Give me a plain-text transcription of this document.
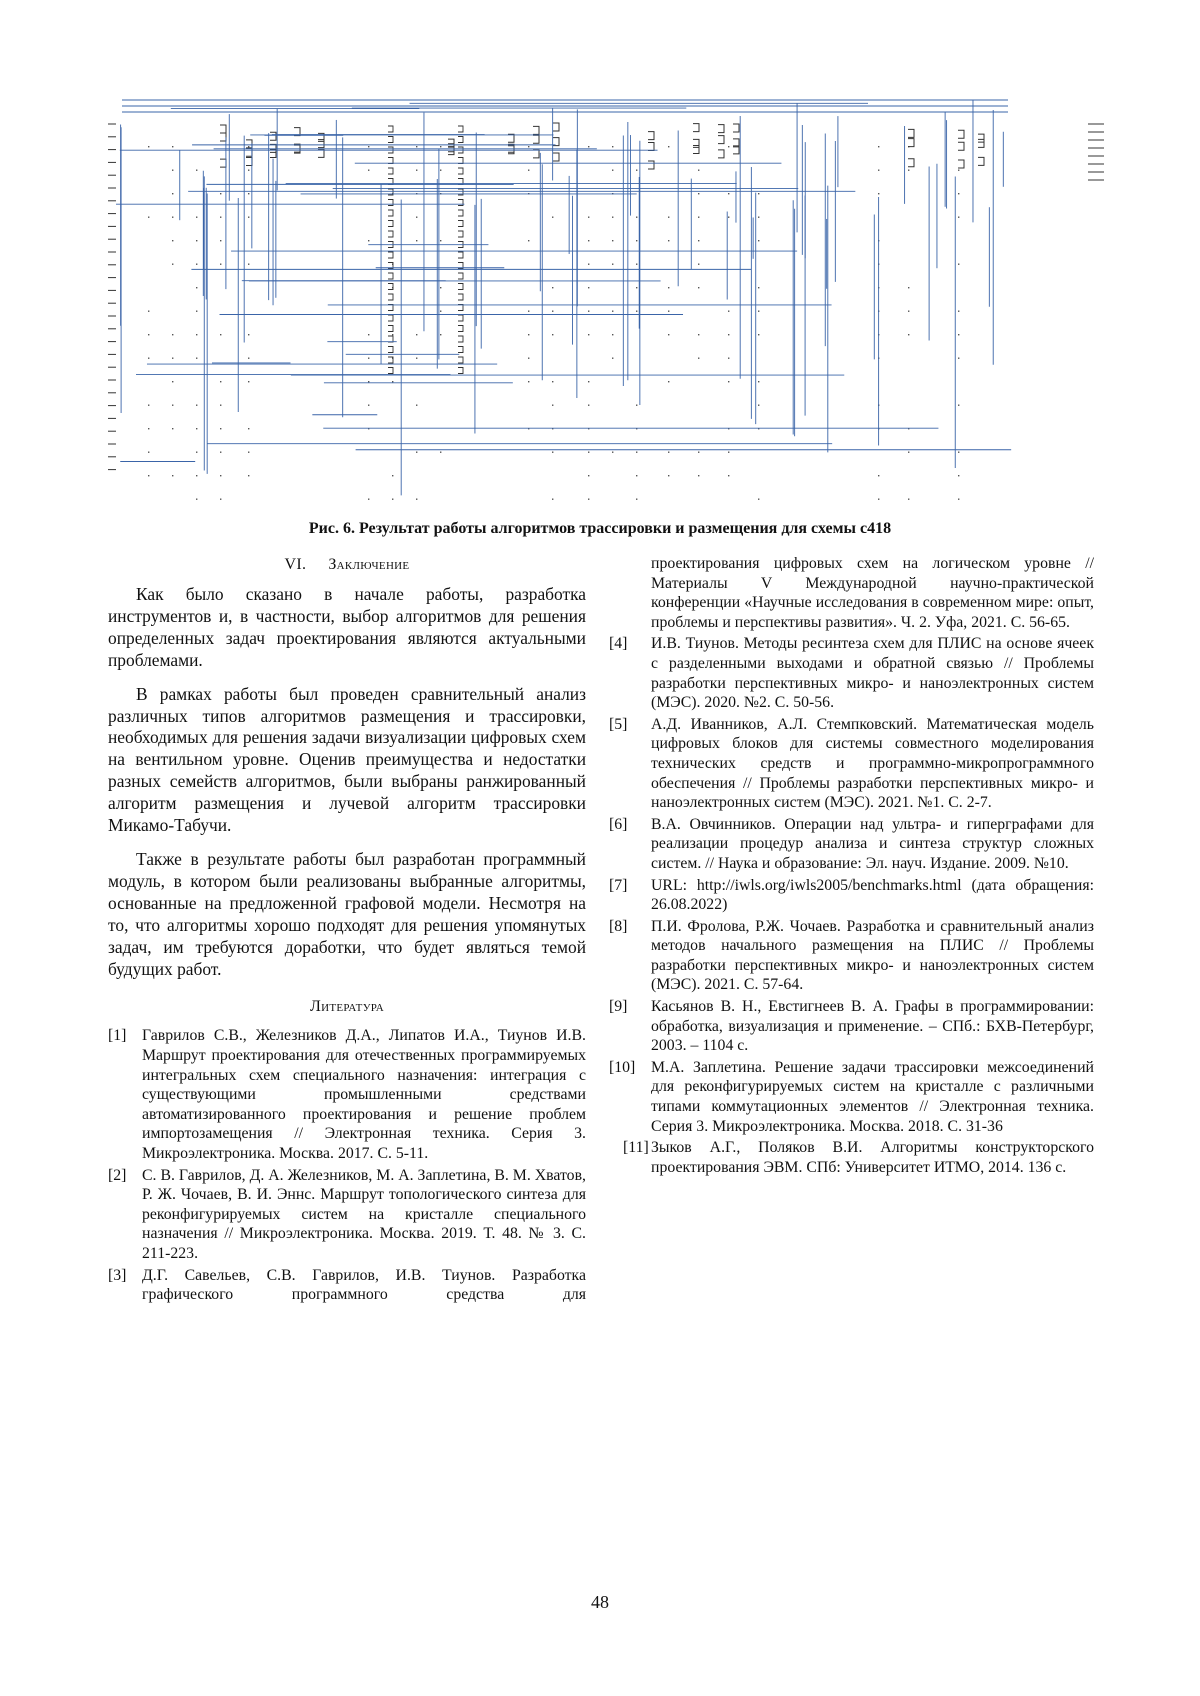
Рис. 6. Результат работы алгоритмов трассировки и размещения для схемы c418
VI. Заключение

Как было сказано в начале работы, разработка инструментов и, в частности, выбор алгоритмов для решения определенных задач проектирования являются актуальными проблемами.

В рамках работы был проведен сравнительный анализ различных типов алгоритмов размещения и трассировки, необходимых для решения задачи визуализации цифровых схем на вентильном уровне. Оценив преимущества и недостатки разных семейств алгоритмов, были выбраны ранжированный алгоритм размещения и лучевой алгоритм трассировки Микамо-Табучи.

Также в результате работы был разработан программный модуль, в котором были реализованы выбранные алгоритмы, основанные на предложенной графовой модели. Несмотря на то, что алгоритмы хорошо подходят для решения упомянутых задач, им требуются доработки, что будет являться темой будущих работ.

Литература
[1] Гаврилов С.В., Железников Д.А., Липатов И.А., Тиунов И.В. Маршрут проектирования для отечественных программируемых интегральных схем специального назначения: интеграция с существующими промышленными средствами автоматизированного проектирования и решение проблем импортозамещения // Электронная техника. Серия 3. Микроэлектроника. Москва. 2017. С. 5-11.
[2] С. В. Гаврилов, Д. А. Железников, М. А. Заплетина, В. М. Хватов, Р. Ж. Чочаев, В. И. Эннс. Маршрут топологического синтеза для реконфигурируемых систем на кристалле специального назначения // Микроэлектроника. Москва. 2019. Т. 48. № 3. С. 211-223.
[3] Д.Г. Савельев, С.В. Гаврилов, И.В. Тиунов. Разработка графического программного средства для
проектирования цифровых схем на логическом уровне // Материалы V Международной научно-практической конференции «Научные исследования в современном мире: опыт, проблемы и перспективы развития». Ч. 2. Уфа, 2021. С. 56-65.
[4]	И.В. Тиунов. Методы ресинтеза схем для ПЛИС на основе ячеек с разделенными выходами и обратной связью // Проблемы разработки перспективных микро- и наноэлектронных систем (МЭС). 2020. №2. С. 50-56.
[5]	А.Д. Иванников, А.Л. Стемпковский. Математическая модель цифровых блоков для системы совместного моделирования технических средств и программно-микропрограммного обеспечения // Проблемы разработки перспективных микро- и наноэлектронных систем (МЭС). 2021. №1. С. 2-7.
[6]	В.А. Овчинников. Операции над ультра- и гиперграфами для реализации процедур анализа и синтеза структур сложных систем. // Наука и образование: Эл. науч. Издание. 2009. №10.
[7]	URL: http://iwls.org/iwls2005/benchmarks.html (дата обращения: 26.08.2022)
[8]	П.И. Фролова, Р.Ж. Чочаев. Разработка и сравнительный анализ методов начального размещения на ПЛИС // Проблемы разработки перспективных микро- и наноэлектронных систем (МЭС). 2021. С. 57-64.
[9]	Касьянов В. Н., Евстигнеев В. А. Графы в программировании: обработка, визуализация и применение. – СПб.: БХВ-Петербург, 2003. – 1104 с.
[10] М.А. Заплетина. Решение задачи трассировки межсоединений для реконфигурируемых систем на кристалле с различными типами коммутационных элементов // Электронная техника. Серия 3. Микроэлектроника. Москва. 2018. С. 31-36
[11] Зыков А.Г., Поляков В.И. Алгоритмы конструкторского проектирования ЭВМ. СПб: Университет ИТМО, 2014. 136 с.
48
